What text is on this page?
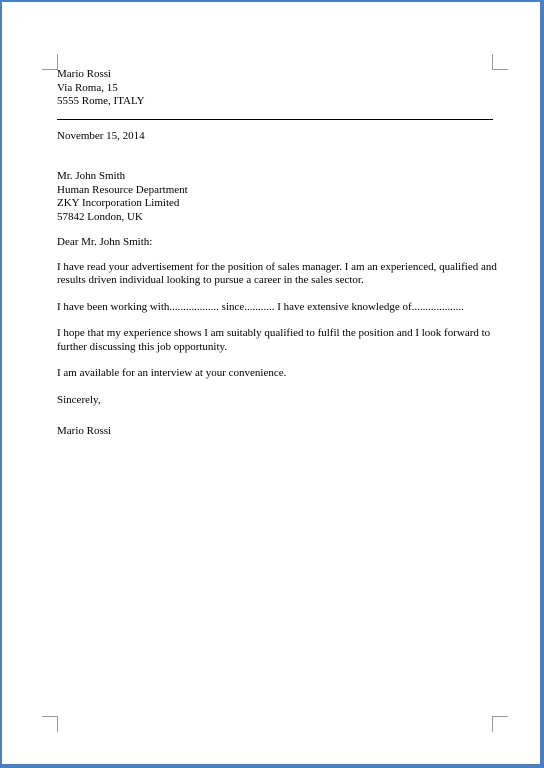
Mario Rossi
Via Roma, 15
5555 Rome, ITALY
November 15, 2014
Mr. John Smith
Human Resource Department
ZKY Incorporation Limited
57842 London, UK
Dear Mr. John Smith:
I have read your advertisement for the position of sales manager. I am an experienced, qualified and
results driven individual looking to pursue a career in the sales sector.
I have been working with.................. since........... I have extensive knowledge of...................
I hope that my experience shows I am suitably qualified to fulfil the position and I look forward to
further discussing this job opportunity.
I am available for an interview at your convenience.
Sincerely,
Mario Rossi
